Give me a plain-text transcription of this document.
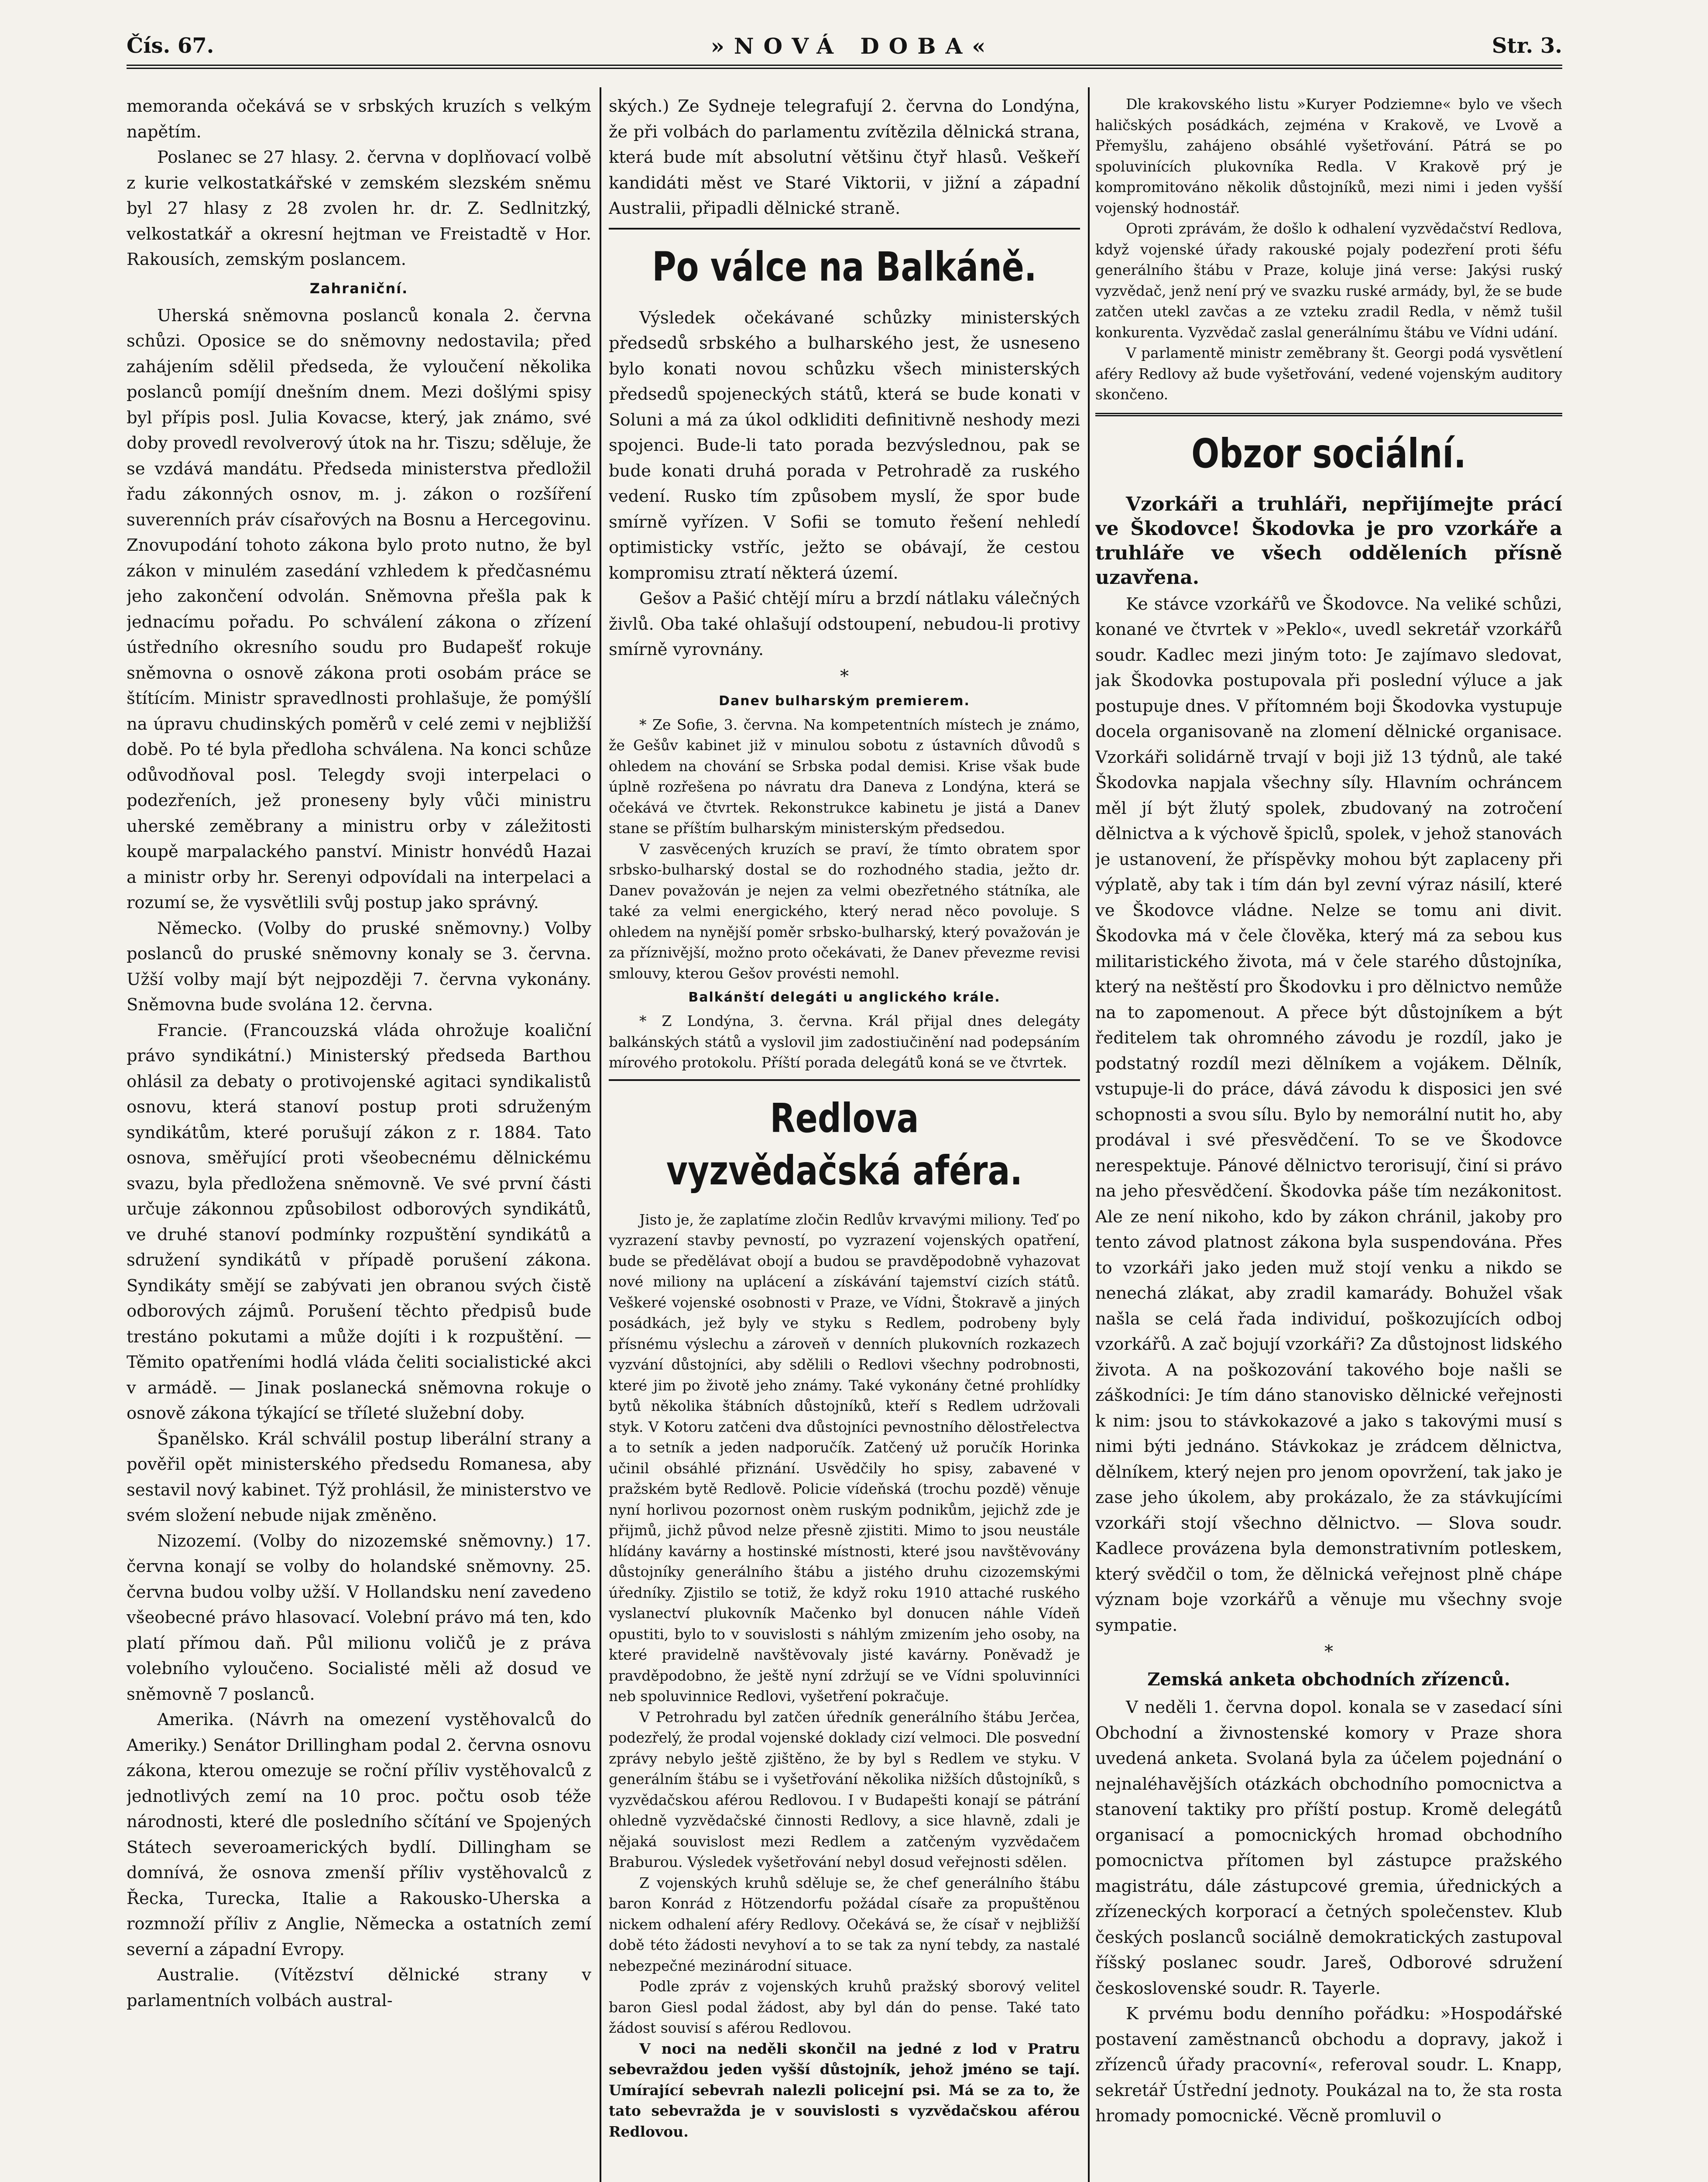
Čís. 67.	»NOVÁ DOBA«	Str. 3.

memoranda očekává se v srbských kruzích s velkým napětím.

Poslanec se 27 hlasy. 2. června v doplňovací volbě z kurie velkostatkářské v zemském slezském sněmu byl 27 hlasy z 28 zvolen hr. dr. Z. Sedlnitzký, velkostatkář a okresní hejtman ve Freistadtě v Hor. Rakousích, zemským poslancem.

Zahraniční.

Uherská sněmovna poslanců konala 2. června schůzi. Oposice se do sněmovny nedostavila; před zahájením sdělil předseda, že vyloučení několika poslanců pomíjí dnešním dnem. Mezi došlými spisy byl přípis posl. Julia Kovacse, který, jak známo, své doby provedl revolverový útok na hr. Tiszu; sděluje, že se vzdává mandátu. Předseda ministerstva předložil řadu zákonných osnov, m. j. zákon o rozšíření suverenních práv císařových na Bosnu a Hercegovinu. Znovupodání tohoto zákona bylo proto nutno, že byl zákon v minulém zasedání vzhledem k předčasnému jeho zakončení odvolán. Sněmovna přešla pak k jednacímu pořadu. Po schválení zákona o zřízení ústředního okresního soudu pro Budapešť rokuje sněmovna o osnově zákona proti osobám práce se štítícím. Ministr spravedlnosti prohlašuje, že pomýšlí na úpravu chudinských poměrů v celé zemi v nejbližší době. Po té byla předloha schválena. Na konci schůze odůvodňoval posl. Telegdy svoji interpelaci o podezřeních, jež proneseny byly vůči ministru uherské zeměbrany a ministru orby v záležitosti koupě marpalackého panství. Ministr honvédů Hazai a ministr orby hr. Serenyi odpovídali na interpelaci a rozumí se, že vysvětlili svůj postup jako správný.

Německo. (Volby do pruské sněmovny.) Volby poslanců do pruské sněmovny konaly se 3. června. Užší volby mají být nejpozději 7. června vykonány. Sněmovna bude svolána 12. června.

Francie. (Francouzská vláda ohrožuje koaliční právo syndikátní.) Ministerský předseda Barthou ohlásil za debaty o protivojenské agitaci syndikalistů osnovu, která stanoví postup proti sdruženým syndikátům, které porušují zákon z r. 1884. Tato osnova, směřující proti všeobecnému dělnickému svazu, byla předložena sněmovně. Ve své první části určuje zákonnou způsobilost odborových syndikátů, ve druhé stanoví podmínky rozpuštění syndikátů a sdružení syndikátů v případě porušení zákona. Syndikáty smějí se zabývati jen obranou svých čistě odborových zájmů. Porušení těchto předpisů bude trestáno pokutami a může dojíti i k rozpuštění. — Těmito opatřeními hodlá vláda čeliti socialistické akci v armádě. — Jinak poslanecká sněmovna rokuje o osnově zákona týkající se tříleté služební doby.

Španělsko. Král schválil postup liberální strany a pověřil opět ministerského předsedu Romanesa, aby sestavil nový kabinet. Týž prohlásil, že ministerstvo ve svém složení nebude nijak změněno.

Nizozemí. (Volby do nizozemské sněmovny.) 17. června konají se volby do holandské sněmovny. 25. června budou volby užší. V Hollandsku není zavedeno všeobecné právo hlasovací. Volební právo má ten, kdo platí přímou daň. Půl milionu voličů je z práva volebního vyloučeno. Socialisté měli až dosud ve sněmovně 7 poslanců.

Amerika. (Návrh na omezení vystěhovalců do Ameriky.) Senátor Drillingham podal 2. června osnovu zákona, kterou omezuje se roční příliv vystěhovalců z jednotlivých zemí na 10 proc. počtu osob téže národnosti, které dle posledního sčítání ve Spojených Státech severoamerických bydlí. Dillingham se domnívá, že osnova zmenší příliv vystěhovalců z Řecka, Turecka, Italie a Rakousko-Uherska a rozmnoží příliv z Anglie, Německa a ostatních zemí severní a západní Evropy.

Australie. (Vítězství dělnické strany v parlamentních volbách austral-

ských.) Ze Sydneje telegrafují 2. června do Londýna, že při volbách do parlamentu zvítězila dělnická strana, která bude mít absolutní většinu čtyř hlasů. Veškeří kandidáti měst ve Staré Viktorii, v jižní a západní Australii, připadli dělnické straně.

Po válce na Balkáně.

Výsledek očekávané schůzky ministerských předsedů srbského a bulharského jest, že usneseno bylo konati novou schůzku všech ministerských předsedů spojeneckých států, která se bude konati v Soluni a má za úkol odkliditi definitivně neshody mezi spojenci. Bude-li tato porada bezvýslednou, pak se bude konati druhá porada v Petrohradě za ruského vedení. Rusko tím způsobem myslí, že spor bude smírně vyřízen. V Sofii se tomuto řešení nehledí optimisticky vstříc, ježto se obávají, že cestou kompromisu ztratí některá území.

Gešov a Pašić chtějí míru a brzdí nátlaku válečných živlů. Oba také ohlašují odstoupení, nebudou-li protivy smírně vyrovnány.

*
Danev bulharským premierem.

* Ze Sofie, 3. června. Na kompetentních místech je známo, že Gešův kabinet již v minulou sobotu z ústavních důvodů s ohledem na chování se Srbska podal demisi. Krise však bude úplně rozřešena po návratu dra Daneva z Londýna, která se očekává ve čtvrtek. Rekonstrukce kabinetu je jistá a Danev stane se příštím bulharským ministerským předsedou.

V zasvěcených kruzích se praví, že tímto obratem spor srbsko-bulharský dostal se do rozhodného stadia, ježto dr. Danev považován je nejen za velmi obezřetného státníka, ale také za velmi energického, který nerad něco povoluje. S ohledem na nynější poměr srbsko-bulharský, který považován je za příznivější, možno proto očekávati, že Danev převezme revisi smlouvy, kterou Gešov provésti nemohl.

Balkánští delegáti u anglického krále.

* Z Londýna, 3. června. Král přijal dnes delegáty balkánských států a vyslovil jim zadostiučinění nad podepsáním mírového protokolu. Příští porada delegátů koná se ve čtvrtek.

Redlova vyzvědačská aféra.

Jisto je, že zaplatíme zločin Redlův krvavými miliony. Teď po vyzrazení stavby pevností, po vyzrazení vojenských opatření, bude se předělávat obojí a budou se pravděpodobně vyhazovat nové miliony na uplácení a získávání tajemství cizích států. Veškeré vojenské osobnosti v Praze, ve Vídni, Štokravě a jiných posádkách, jež byly ve styku s Redlem, podrobeny byly přísnému výslechu a zároveň v denních plukovních rozkazech vyzvání důstojníci, aby sdělili o Redlovi všechny podrobnosti, které jim po životě jeho známy. Také vykonány četné prohlídky bytů několika štábních důstojníků, kteří s Redlem udržovali styk. V Kotoru zatčeni dva důstojníci pevnostního dělostřelectva a to setník a jeden nadporučík. Zatčený už poručík Horinka učinil obsáhlé přiznání. Usvědčily ho spisy, zabavené v pražském bytě Redlově. Policie vídeňská (trochu pozdě) věnuje nyní horlivou pozornost onèm ruským podnikům, jejichž zde je přijmů, jichž původ nelze přesně zjistiti. Mimo to jsou neustále hlídány kavárny a hostinské místnosti, které jsou navštěvovány důstojníky generálního štábu a jistého druhu cizozemskými úředníky. Zjistilo se totiž, že když roku 1910 attaché ruského vyslanectví plukovník Mačenko byl donucen náhle Vídeň opustiti, bylo to v souvislosti s náhlým zmizením jeho osoby, na které pravidelně navštěvovaly jisté kavárny. Poněvadž je pravděpodobno, že ještě nyní zdržují se ve Vídni spoluvinníci neb spoluvinnice Redlovi, vyšetření pokračuje.

V Petrohradu byl zatčen úředník generálního štábu Jerčea, podezřelý, že prodal vojenské doklady cizí velmoci. Dle posvední zprávy nebylo ještě zjištěno, že by byl s Redlem ve styku. V generálním štábu se i vyšetřování několika nižších důstojníků, s vyzvědačskou aférou Redlovou. I v Budapešti konají se pátrání ohledně vyzvědačské činnosti Redlovy, a sice hlavně, zdali je nějaká souvislost mezi Redlem a zatčeným vyzvědačem Braburou. Výsledek vyšetřování nebyl dosud veřejnosti sdělen.

Z vojenských kruhů sděluje se, že chef generálního štábu baron Konrád z Hötzendorfu požádal císaře za propuštěnou nickem odhalení aféry Redlovy. Očekává se, že císař v nejbližší době této žádosti nevyhoví a to se tak za nyní tebdy, za nastalé nebezpečné mezinárodní situace.

Podle zpráv z vojenských kruhů pražský sborový velitel baron Giesl podal žádost, aby byl dán do pense. Také tato žádost souvisí s aférou Redlovou.

V noci na neděli skončil na jedné z lod v Pratru sebevraždou jeden vyšší důstojník, jehož jméno se tají. Umírající sebevrah nalezli policejní psi. Má se za to, že tato sebevražda je v souvislosti s vyzvědačskou aférou Redlovou.

Dle krakovského listu »Kuryer Podziemne« bylo ve všech haličských posádkách, zejména v Krakově, ve Lvově a Přemyšlu, zahájeno obsáhlé vyšetřování. Pátrá se po spoluvinících plukovníka Redla. V Krakově prý je kompromitováno několik důstojníků, mezi nimi i jeden vyšší vojenský hodnostář.

Oproti zprávám, že došlo k odhalení vyzvědačství Redlova, když vojenské úřady rakouské pojaly podezření proti šéfu generálního štábu v Praze, koluje jiná verse: Jakýsi ruský vyzvědač, jenž není prý ve svazku ruské armády, byl, že se bude zatčen utekl zavčas a ze vzteku zradil Redla, v němž tušil konkurenta. Vyzvědač zaslal generálnímu štábu ve Vídni udání.

V parlamentě ministr zeměbrany št. Georgi podá vysvětlení aféry Redlovy až bude vyšetřování, vedené vojenským auditory skončeno.

Obzor sociální.

Vzorkáři a truhláři, nepřijímejte prácí ve Škodovce! Škodovka je pro vzorkáře a truhláře ve všech odděleních přísně uzavřena.

Ke stávce vzorkářů ve Škodovce. Na veliké schůzi, konané ve čtvrtek v »Peklo«, uvedl sekretář vzorkářů soudr. Kadlec mezi jiným toto: Je zajímavo sledovat, jak Škodovka postupovala při poslední výluce a jak postupuje dnes. V přítomném boji Škodovka vystupuje docela organisovaně na zlomení dělnické organisace. Vzorkáři solidárně trvají v boji již 13 týdnů, ale také Škodovka napjala všechny síly. Hlavním ochráncem měl jí být žlutý spolek, zbudovaný na zotročení dělnictva a k výchově špiclů, spolek, v jehož stanovách je ustanovení, že příspěvky mohou být zaplaceny při výplatě, aby tak i tím dán byl zevní výraz násilí, které ve Škodovce vládne. Nelze se tomu ani divit. Škodovka má v čele člověka, který má za sebou kus militaristického života, má v čele starého důstojníka, který na neštěstí pro Škodovku i pro dělnictvo nemůže na to zapomenout. A přece být důstojníkem a být ředitelem tak ohromného závodu je rozdíl, jako je podstatný rozdíl mezi dělníkem a vojákem. Dělník, vstupuje-li do práce, dává závodu k disposici jen své schopnosti a svou sílu. Bylo by nemorální nutit ho, aby prodával i své přesvědčení. To se ve Škodovce nerespektuje. Pánové dělnictvo terorisují, činí si právo na jeho přesvědčení. Škodovka páše tím nezákonitost. Ale ze není nikoho, kdo by zákon chránil, jakoby pro tento závod platnost zákona byla suspendována. Přes to vzorkáři jako jeden muž stojí venku a nikdo se nenechá zlákat, aby zradil kamarády. Bohužel však našla se celá řada individuí, poškozujících odboj vzorkářů. A zač bojují vzorkáři? Za důstojnost lidského života. A na poškozování takového boje našli se záškodníci: Je tím dáno stanovisko dělnické veřejnosti k nim: jsou to stávkokazové a jako s takovými musí s nimi býti jednáno. Stávkokaz je zrádcem dělnictva, dělníkem, který nejen pro jenom opovržení, tak jako je zase jeho úkolem, aby prokázalo, že za stávkujícími vzorkáři stojí všechno dělnictvo. — Slova soudr. Kadlece provázena byla demonstrativním potleskem, který svědčil o tom, že dělnická veřejnost plně chápe význam boje vzorkářů a věnuje mu všechny svoje sympatie.

*
Zemská anketa obchodních zřízenců.

V neděli 1. června dopol. konala se v zasedací síni Obchodní a živnostenské komory v Praze shora uvedená anketa. Svolaná byla za účelem pojednání o nejnaléhavějších otázkách obchodního pomocnictva a stanovení taktiky pro příští postup. Kromě delegátů organisací a pomocnických hromad obchodního pomocnictva přítomen byl zástupce pražského magistrátu, dále zástupcové gremia, úřednických a zřízeneckých korporací a četných společenstev. Klub českých poslanců sociálně demokratických zastupoval říšský poslanec soudr. Jareš, Odborové sdružení československé soudr. R. Tayerle.

K prvému bodu denního pořádku: »Hospodářské postavení zaměstnanců obchodu a dopravy, jakož i zřízenců úřady pracovní«, referoval soudr. L. Knapp, sekretář Ústřední jednoty. Poukázal na to, že sta rosta hromady pomocnické. Věcně promluvil o
